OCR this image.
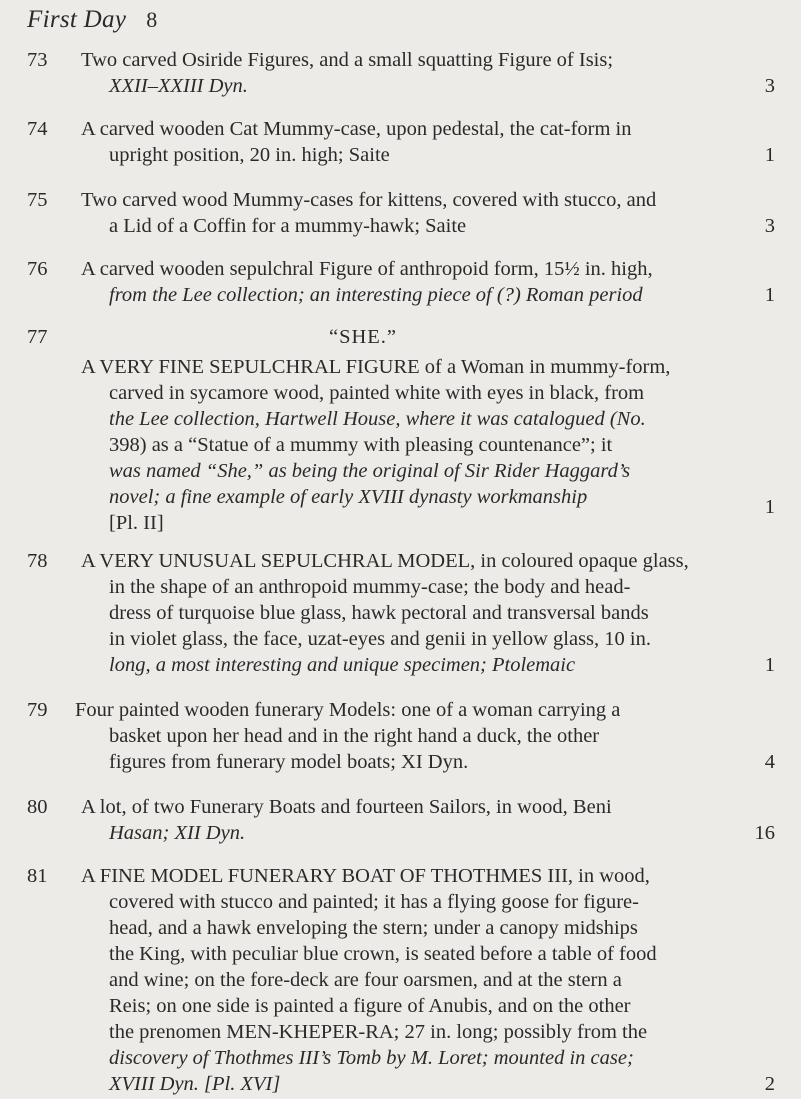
First Day 8
73	Two carved Osiride Figures, and a small squatting Figure of Isis;
XXII–XXIII Dyn.	3
74	A carved wooden Cat Mummy-case, upon pedestal, the cat-form in
upright position, 20 in. high; Saite	1
75	Two carved wood Mummy-cases for kittens, covered with stucco, and
a Lid of a Coffin for a mummy-hawk; Saite	3
76	A carved wooden sepulchral Figure of anthropoid form, 15½ in. high,
from the Lee collection; an interesting piece of (?) Roman period	1
77	“SHE.”
A VERY FINE SEPULCHRAL FIGURE of a Woman in mummy-form,
carved in sycamore wood, painted white with eyes in black, from
the Lee collection, Hartwell House, where it was catalogued (No.
398) as a “Statue of a mummy with pleasing countenance”; it
was named “She,” as being the original of Sir Rider Haggard’s
novel; a fine example of early XVIII dynasty workmanship
[Pl. II]
1
78	A VERY UNUSUAL SEPULCHRAL MODEL, in coloured opaque glass,
in the shape of an anthropoid mummy-case; the body and head-
dress of turquoise blue glass, hawk pectoral and transversal bands
in violet glass, the face, uzat-eyes and genii in yellow glass, 10 in.
long, a most interesting and unique specimen; Ptolemaic	1
79	Four painted wooden funerary Models: one of a woman carrying a
basket upon her head and in the right hand a duck, the other
figures from funerary model boats; XI Dyn.	4
80	A lot, of two Funerary Boats and fourteen Sailors, in wood, Beni
Hasan; XII Dyn.	16
81	A FINE MODEL FUNERARY BOAT OF THOTHMES III, in wood,
covered with stucco and painted; it has a flying goose for figure-
head, and a hawk enveloping the stern; under a canopy midships
the King, with peculiar blue crown, is seated before a table of food
and wine; on the fore-deck are four oarsmen, and at the stern a
Reis; on one side is painted a figure of Anubis, and on the other
the prenomen MEN-KHEPER-RA; 27 in. long; possibly from the
discovery of Thothmes III’s Tomb by M. Loret; mounted in case;
XVIII Dyn. [Pl. XVI]	2
